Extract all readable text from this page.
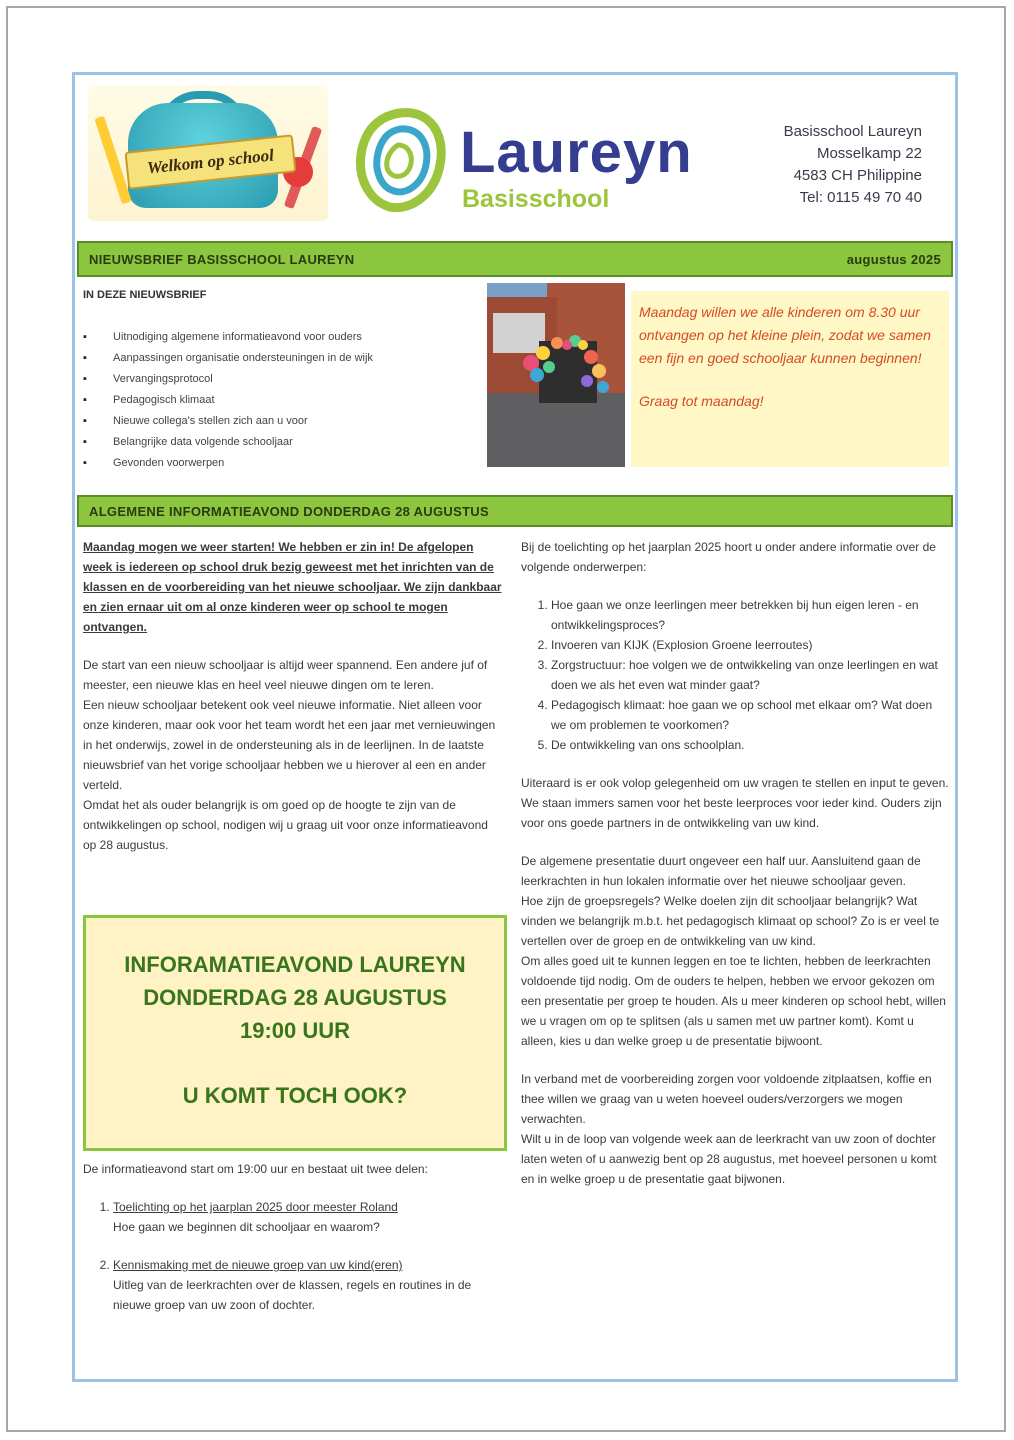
Welkom op school	Laureyn
Basisschool
Basisschool Laureyn
Mosselkamp 22
4583 CH Philippine
Tel: 0115 49 70 40
NIEUWSBRIEF BASISSCHOOL LAUREYN	augustus 2025
IN DEZE NIEUWSBRIEF
▪ Uitnodiging algemene informatieavond voor ouders
▪ Aanpassingen organisatie ondersteuningen in de wijk
▪ Vervangingsprotocol
▪ Pedagogisch klimaat
▪ Nieuwe collega's stellen zich aan u voor
▪ Belangrijke data volgende schooljaar
▪ Gevonden voorwerpen

Maandag willen we alle kinderen om 8.30 uur ontvangen op het kleine plein, zodat we samen een fijn en goed schooljaar kunnen beginnen!

Graag tot maandag!

ALGEMENE INFORMATIEAVOND DONDERDAG 28 AUGUSTUS

Maandag mogen we weer starten! We hebben er zin in! De afgelopen week is iedereen op school druk bezig geweest met het inrichten van de klassen en de voorbereiding van het nieuwe schooljaar. We zijn dankbaar en zien ernaar uit om al onze kinderen weer op school te mogen ontvangen.

De start van een nieuw schooljaar is altijd weer spannend. Een andere juf of meester, een nieuwe klas en heel veel nieuwe dingen om te leren.

Een nieuw schooljaar betekent ook veel nieuwe informatie. Niet alleen voor onze kinderen, maar ook voor het team wordt het een jaar met vernieuwingen in het onderwijs, zowel in de ondersteuning als in de leerlijnen. In de laatste nieuwsbrief van het vorige schooljaar hebben we u hierover al een en ander verteld.

Omdat het als ouder belangrijk is om goed op de hoogte te zijn van de ontwikkelingen op school, nodigen wij u graag uit voor onze informatieavond op 28 augustus.

INFORAMATIEAVOND LAUREYN
DONDERDAG 28 AUGUSTUS
19:00 UUR
U KOMT TOCH OOK?

De informatieavond start om 19:00 uur en bestaat uit twee delen:

1. Toelichting op het jaarplan 2025 door meester Roland
Hoe gaan we beginnen dit schooljaar en waarom?
2. Kennismaking met de nieuwe groep van uw kind(eren)
Uitleg van de leerkrachten over de klassen, regels en routines in de nieuwe groep van uw zoon of dochter.

Bij de toelichting op het jaarplan 2025 hoort u onder andere informatie over de volgende onderwerpen:

1. Hoe gaan we onze leerlingen meer betrekken bij hun eigen leren - en ontwikkelingsproces?
2. Invoeren van KIJK (Explosion Groene leerroutes)
3. Zorgstructuur: hoe volgen we de ontwikkeling van onze leerlingen en wat doen we als het even wat minder gaat?
4. Pedagogisch klimaat: hoe gaan we op school met elkaar om? Wat doen we om problemen te voorkomen?
5. De ontwikkeling van ons schoolplan.

Uiteraard is er ook volop gelegenheid om uw vragen te stellen en input te geven. We staan immers samen voor het beste leerproces voor ieder kind. Ouders zijn voor ons goede partners in de ontwikkeling van uw kind.

De algemene presentatie duurt ongeveer een half uur. Aansluitend gaan de leerkrachten in hun lokalen informatie over het nieuwe schooljaar geven.

Hoe zijn de groepsregels? Welke doelen zijn dit schooljaar belangrijk? Wat vinden we belangrijk m.b.t. het pedagogisch klimaat op school? Zo is er veel te vertellen over de groep en de ontwikkeling van uw kind.

Om alles goed uit te kunnen leggen en toe te lichten, hebben de leerkrachten voldoende tijd nodig. Om de ouders te helpen, hebben we ervoor gekozen om een presentatie per groep te houden. Als u meer kinderen op school hebt, willen we u vragen om op te splitsen (als u samen met uw partner komt). Komt u alleen, kies u dan welke groep u de presentatie bijwoont.

In verband met de voorbereiding zorgen voor voldoende zitplaatsen, koffie en thee willen we graag van u weten hoeveel ouders/verzorgers we mogen verwachten.

Wilt u in de loop van volgende week aan de leerkracht van uw zoon of dochter laten weten of u aanwezig bent op 28 augustus, met hoeveel personen u komt en in welke groep u de presentatie gaat bijwonen.
